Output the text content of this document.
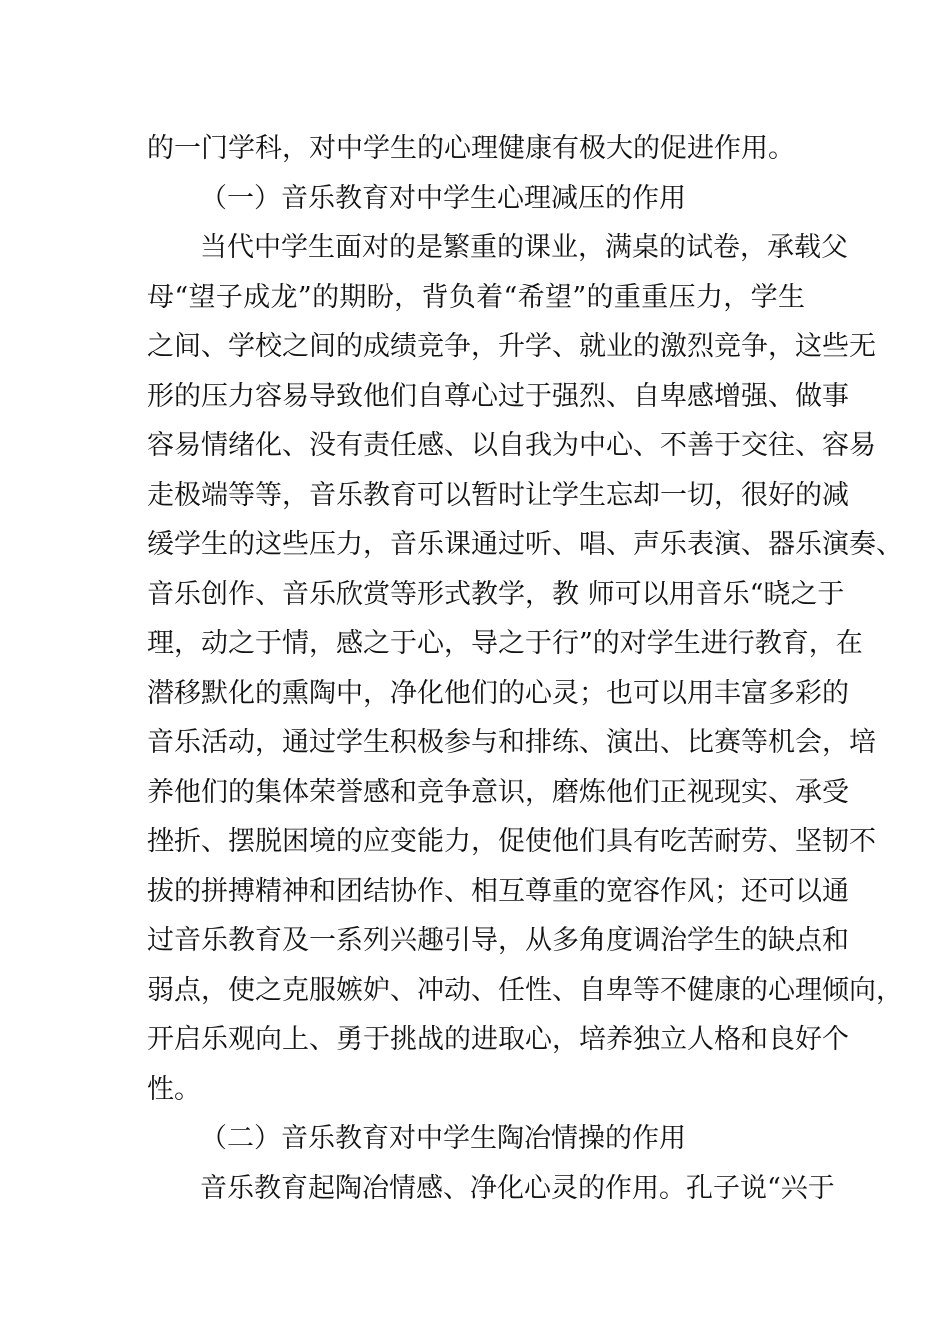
的一门学科，对中学生的心理健康有极大的促进作用。

（一）音乐教育对中学生心理减压的作用

当代中学生面对的是繁重的课业，满桌的试卷，承载父

母“望子成龙”的期盼，背负着“希望”的重重压力，学生

之间、学校之间的成绩竞争，升学、就业的激烈竞争，这些无

形的压力容易导致他们自尊心过于强烈、自卑感增强、做事

容易情绪化、没有责任感、以自我为中心、不善于交往、容易

走极端等等，音乐教育可以暂时让学生忘却一切，很好的减

缓学生的这些压力，音乐课通过听、唱、声乐表演、器乐演奏、

音乐创作、音乐欣赏等形式教学，教 师可以用音乐“晓之于

理，动之于情，感之于心，导之于行”的对学生进行教育，在

潜移默化的熏陶中，净化他们的心灵；也可以用丰富多彩的

音乐活动，通过学生积极参与和排练、演出、比赛等机会，培

养他们的集体荣誉感和竞争意识，磨炼他们正视现实、承受

挫折、摆脱困境的应变能力，促使他们具有吃苦耐劳、坚韧不

拔的拼搏精神和团结协作、相互尊重的宽容作风；还可以通

过音乐教育及一系列兴趣引导，从多角度调治学生的缺点和

弱点，使之克服嫉妒、冲动、任性、自卑等不健康的心理倾向，

开启乐观向上、勇于挑战的进取心，培养独立人格和良好个

性。

（二）音乐教育对中学生陶冶情操的作用

音乐教育起陶冶情感、净化心灵的作用。孔子说“兴于
